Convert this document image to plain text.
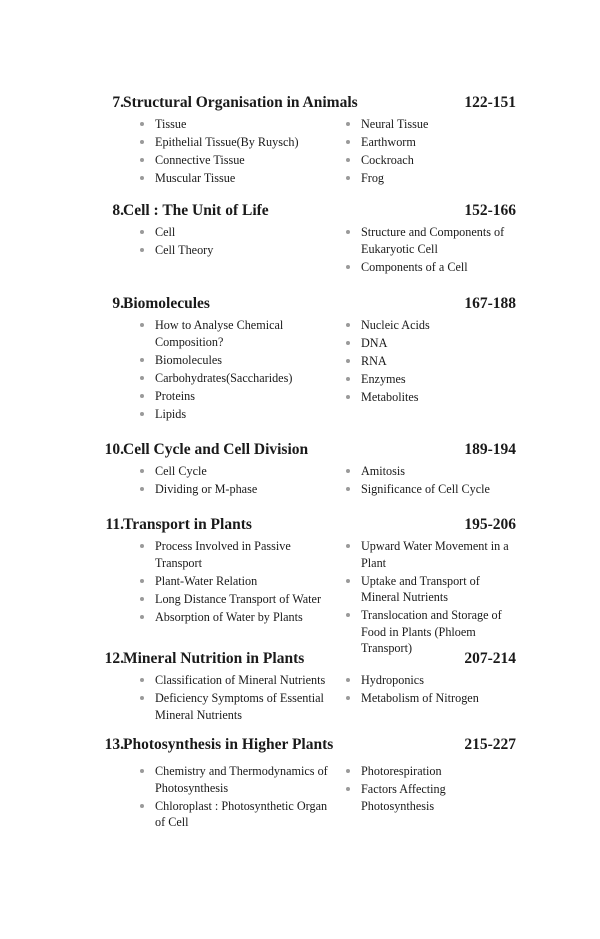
7. Structural Organisation in Animals	122-151
Tissue
Epithelial Tissue(By Ruysch)
Connective Tissue
Muscular Tissue
Neural Tissue
Earthworm
Cockroach
Frog
8. Cell : The Unit of Life	152-166
Cell
Cell Theory
Structure and Components of Eukaryotic Cell
Components of a Cell
9. Biomolecules	167-188
How to Analyse Chemical Composition?
Biomolecules
Carbohydrates(Saccharides)
Proteins
Lipids
Nucleic Acids
DNA
RNA
Enzymes
Metabolites
10. Cell Cycle and Cell Division	189-194
Cell Cycle
Dividing or M-phase
Amitosis
Significance of Cell Cycle
11. Transport in Plants	195-206
Process Involved in Passive Transport
Plant-Water Relation
Long Distance Transport of Water
Absorption of Water by Plants
Upward Water Movement in a Plant
Uptake and Transport of Mineral Nutrients
Translocation and Storage of Food in Plants (Phloem Transport)
12. Mineral Nutrition in Plants	207-214
Classification of Mineral Nutrients
Deficiency Symptoms of Essential Mineral Nutrients
Hydroponics
Metabolism of Nitrogen
13. Photosynthesis in Higher Plants	215-227
Chemistry and Thermodynamics of Photosynthesis
Chloroplast : Photosynthetic Organ of Cell
Photorespiration
Factors Affecting Photosynthesis
